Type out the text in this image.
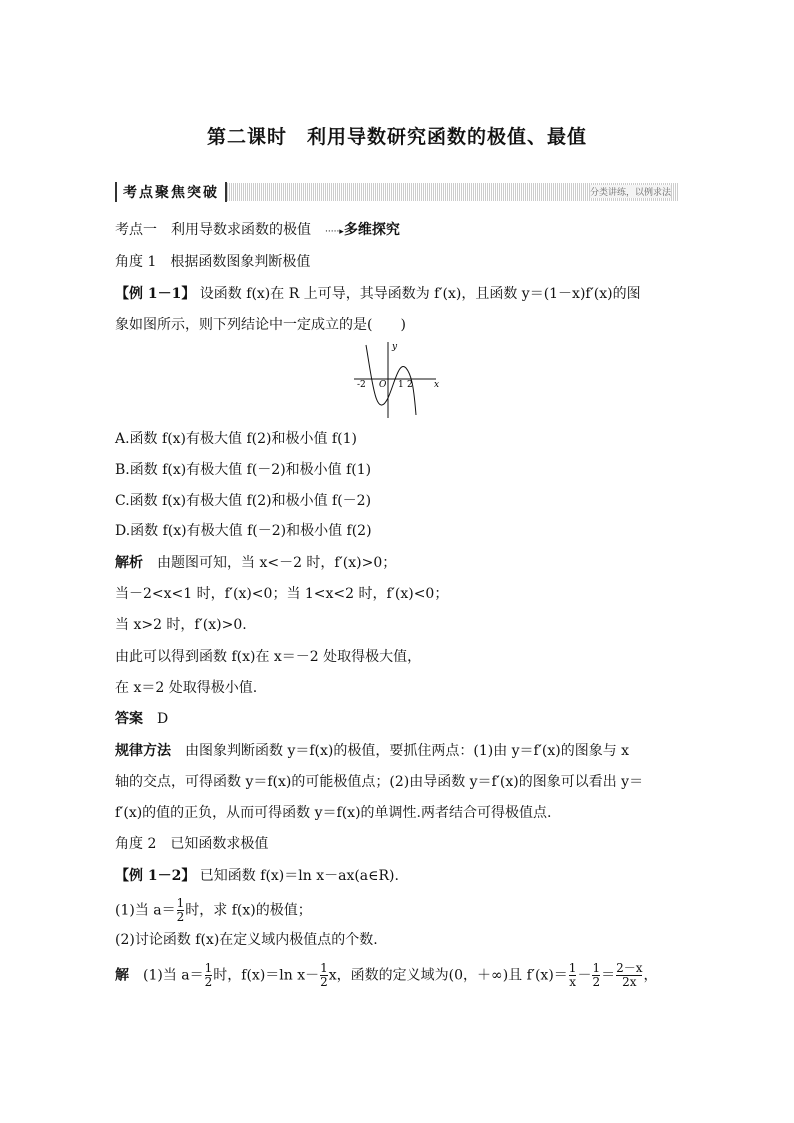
第二课时　利用导数研究函数的极值、最值
考点聚焦突破	分类讲练，以例求法
考点一　利用导数求函数的极值　·····▸多维探究
角度 1　根据函数图象判断极值
【例 1－1】 设函数 f(x)在 R 上可导，其导函数为 f′(x)，且函数 y＝(1－x)f′(x)的图
象如图所示，则下列结论中一定成立的是(　　)
-2 O 1 2 x
y
A.函数 f(x)有极大值 f(2)和极小值 f(1)
B.函数 f(x)有极大值 f(－2)和极小值 f(1)
C.函数 f(x)有极大值 f(2)和极小值 f(－2)
D.函数 f(x)有极大值 f(－2)和极小值 f(2)
解析　由题图可知，当 x<－2 时，f′(x)>0；
当－2<x<1 时，f′(x)<0；当 1<x<2 时，f′(x)<0；
当 x>2 时，f′(x)>0.
由此可以得到函数 f(x)在 x＝－2 处取得极大值，
在 x＝2 处取得极小值.
答案　D
规律方法　由图象判断函数 y＝f(x)的极值，要抓住两点：(1)由 y＝f′(x)的图象与 x
轴的交点，可得函数 y＝f(x)的可能极值点；(2)由导函数 y＝f′(x)的图象可以看出 y＝
f′(x)的值的正负，从而可得函数 y＝f(x)的单调性.两者结合可得极值点.
角度 2　已知函数求极值
【例 1－2】 已知函数 f(x)＝ln x－ax(a∈R).
(1)当 $a= \frac{1}{2}$ 时，求 f(x)的极值；
(2)讨论函数 f(x)在定义域内极值点的个数.
解　(1)当 $a= \frac{1}{2}$ 时，f(x)＝ln $x- \frac{1}{2}$ x，函数的定义域为(0，＋∞)且 $f'(x)= \frac{1}{x} - \frac{1}{2} = \frac{2-x}{2x}$ ，
